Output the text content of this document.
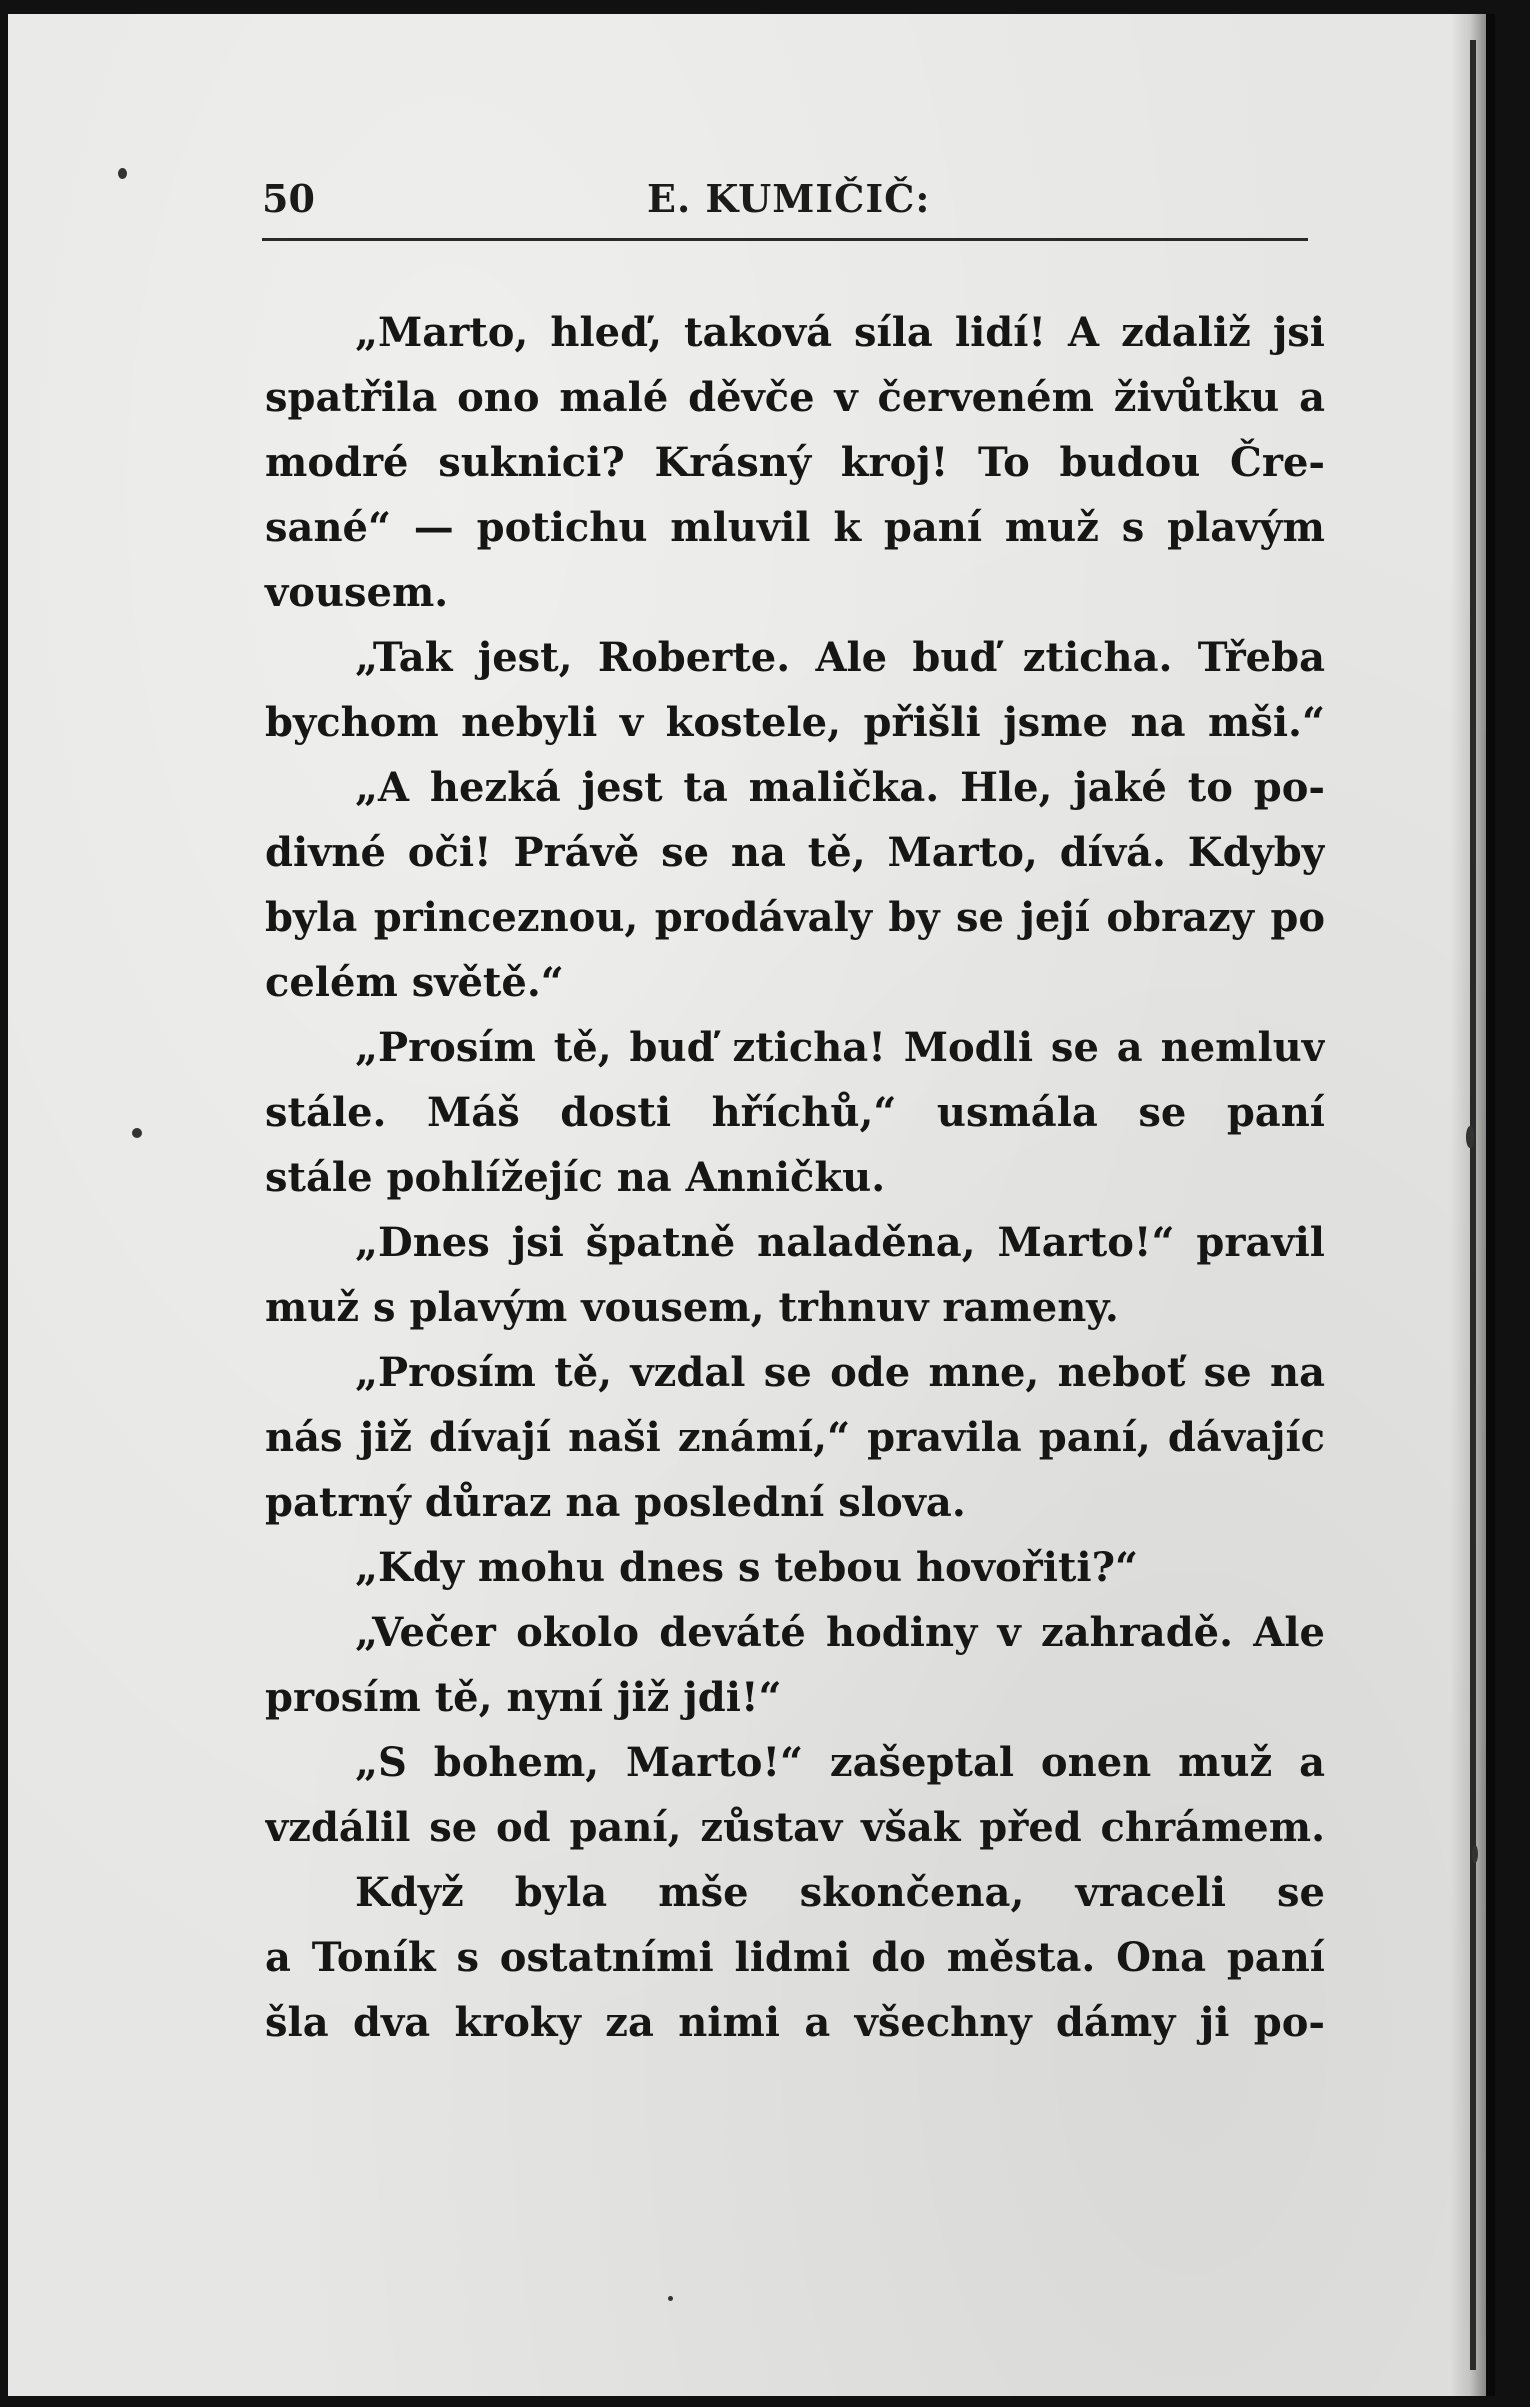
50	E. KUMIČIČ:
„Marto, hleď, taková síla lidí! A zdaliž jsi
spatřila ono malé děvče v červeném živůtku a
modré suknici? Krásný kroj! To budou Čre-
sané“ — potichu mluvil k paní muž s plavým
vousem.
„Tak jest, Roberte. Ale buď zticha. Třeba
bychom nebyli v kostele, přišli jsme na mši.“
„A hezká jest ta malička. Hle, jaké to po-
divné oči! Právě se na tě, Marto, dívá. Kdyby
byla princeznou, prodávaly by se její obrazy po
celém světě.“
„Prosím tě, buď zticha! Modli se a nemluv
stále. Máš dosti hříchů,“ usmála se paní
stále pohlížejíc na Anničku.
„Dnes jsi špatně naladěna, Marto!“ pravil
muž s plavým vousem, trhnuv rameny.
„Prosím tě, vzdal se ode mne, neboť se na
nás již dívají naši známí,“ pravila paní, dávajíc
patrný důraz na poslední slova.
„Kdy mohu dnes s tebou hovořiti?“
„Večer okolo deváté hodiny v zahradě. Ale
prosím tě, nyní již jdi!“
„S bohem, Marto!“ zašeptal onen muž a
vzdálil se od paní, zůstav však před chrámem.
Když byla mše skončena, vraceli se
a Toník s ostatními lidmi do města. Ona paní
šla dva kroky za nimi a všechny dámy ji po-
